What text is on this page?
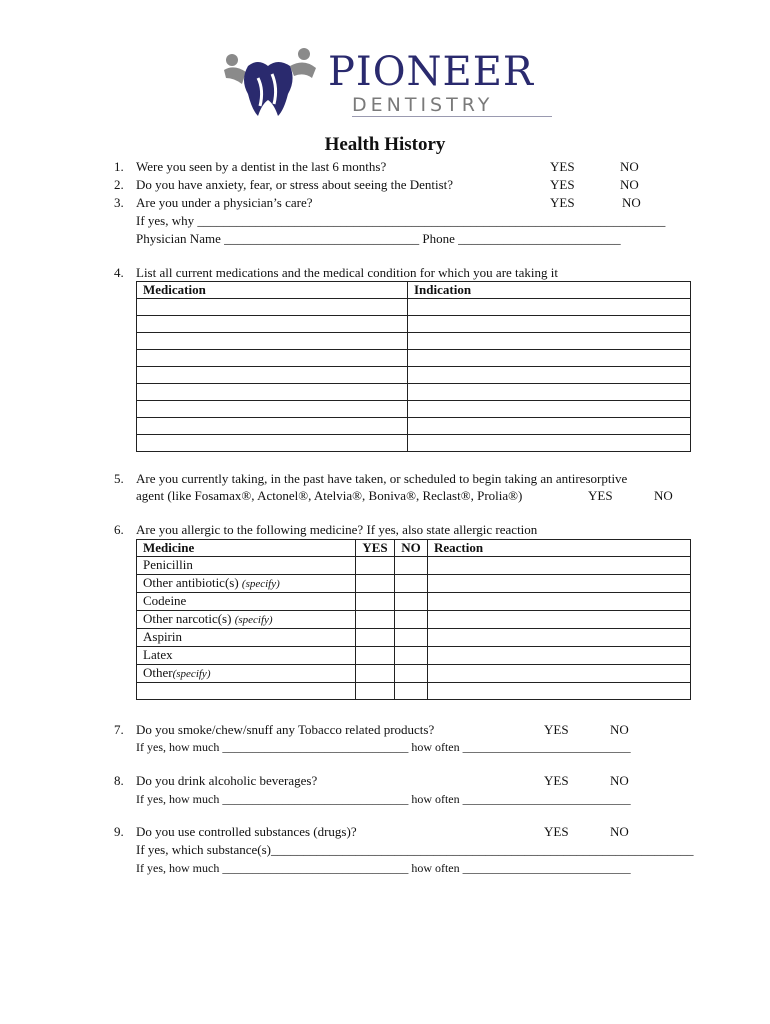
PIONEER
DENTISTRY
Health History
1. Were you seen by a dentist in the last 6 months?	YES	NO
2. Do you have anxiety, fear, or stress about seeing the Dentist?	YES	NO
3. Are you under a physician’s care?	YES	NO
If yes, why ________________________________________________________________________
Physician Name ______________________________ Phone _________________________
4. List all current medications and the medical condition for which you are taking it
Medication	Indication

5. Are you currently taking, in the past have taken, or scheduled to begin taking an antiresorptive
agent (like Fosamax®, Actonel®, Atelvia®, Boniva®, Reclast®, Prolia®)	YES	NO
6. Are you allergic to the following medicine? If yes, also state allergic reaction
Medicine	YES	NO	Reaction
Penicillin			
Other antibiotic(s) (specify)			
Codeine			
Other narcotic(s) (specify)			
Aspirin			
Latex			
Other(specify)			

7. Do you smoke/chew/snuff any Tobacco related products?	YES	NO
If yes, how much _______________________________ how often ____________________________
8. Do you drink alcoholic beverages?	YES	NO
If yes, how much _______________________________ how often ____________________________
9. Do you use controlled substances (drugs)?	YES	NO
If yes, which substance(s)_________________________________________________________________
If yes, how much _______________________________ how often ____________________________
